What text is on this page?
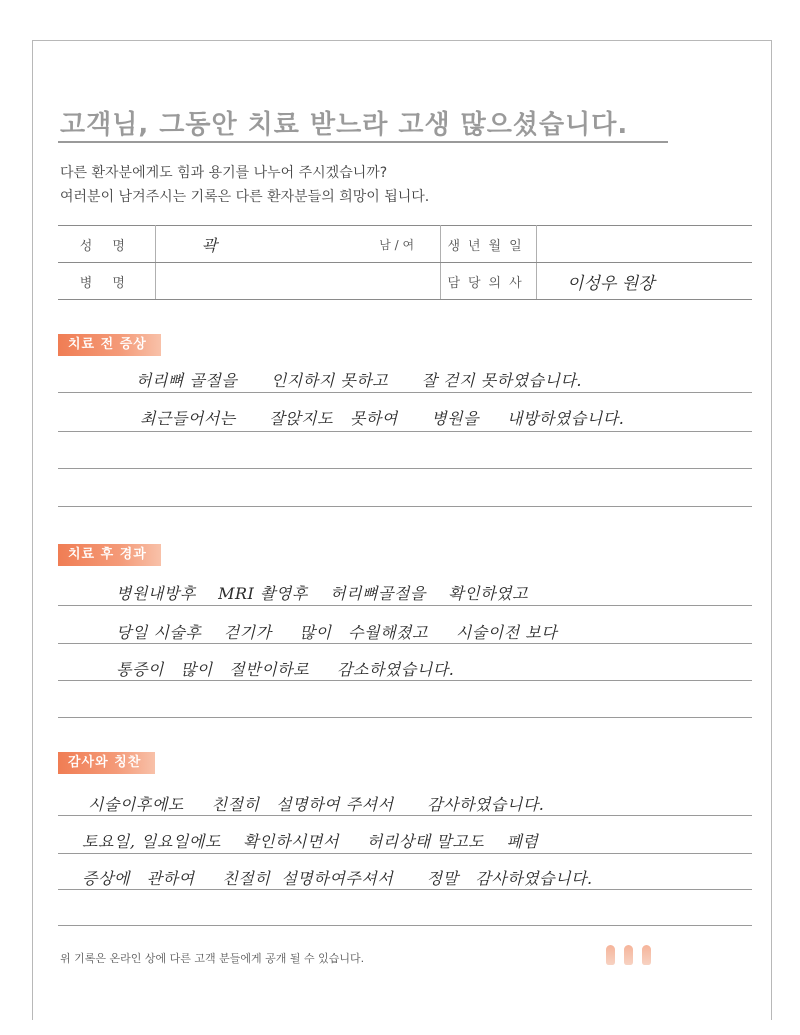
고객님, 그동안 치료 받느라 고생 많으셨습니다.
다른 환자분에게도 힘과 용기를 나누어 주시겠습니까?
여러분이 남겨주시는 기록은 다른 환자분들의 희망이 됩니다.
성 명	곽	남 / 여	생년월일	
병 명			담당의사	이성우 원장
치료 전 증상
허리뼈 골절을      인지하지 못하고      잘 걷지 못하였습니다.
최근들어서는      잘앉지도   못하여      병원을     내방하였습니다.
치료 후 경과
병원내방후    MRI 촬영후    허리뼈골절을    확인하였고
당일 시술후    걷기가     많이   수월해졌고     시술이전 보다
통증이   많이   절반이하로     감소하였습니다.
감사와 칭찬
시술이후에도     친절히   설명하여 주셔서      감사하였습니다.
토요일, 일요일에도    확인하시면서     허리상태 말고도    폐렴
증상에   관하여     친절히  설명하여주셔서      정말   감사하였습니다.
위 기록은 온라인 상에 다른 고객 분들에게 공개 될 수 있습니다.
